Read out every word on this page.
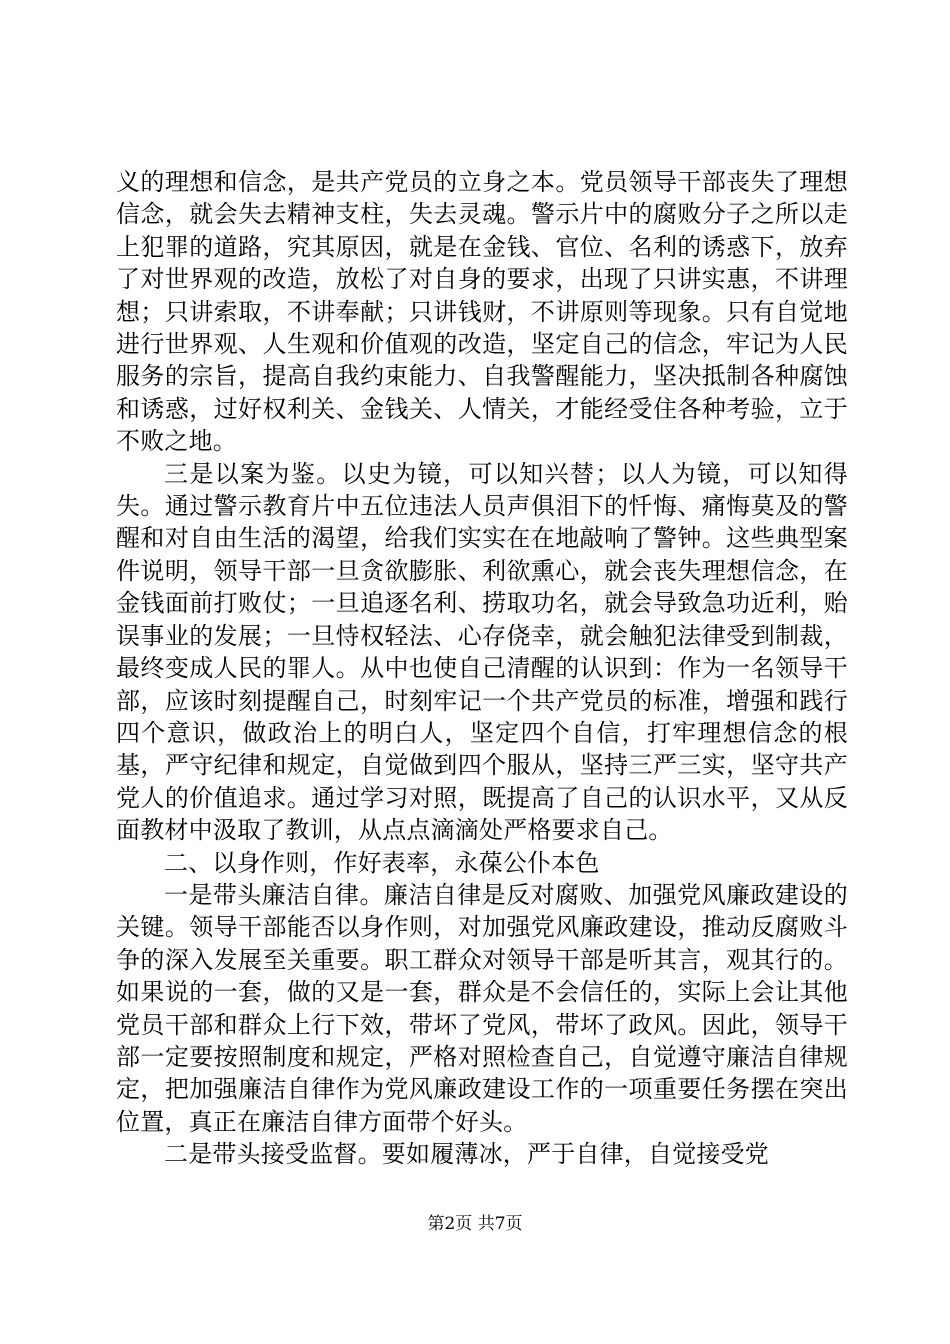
义的理想和信念，是共产党员的立身之本。党员领导干部丧失了理想信念，就会失去精神支柱，失去灵魂。警示片中的腐败分子之所以走上犯罪的道路，究其原因，就是在金钱、官位、名利的诱惑下，放弃了对世界观的改造，放松了对自身的要求，出现了只讲实惠，不讲理想；只讲索取，不讲奉献；只讲钱财，不讲原则等现象。只有自觉地进行世界观、人生观和价值观的改造，坚定自己的信念，牢记为人民服务的宗旨，提高自我约束能力、自我警醒能力，坚决抵制各种腐蚀和诱惑，过好权利关、金钱关、人情关，才能经受住各种考验，立于不败之地。

三是以案为鉴。以史为镜，可以知兴替；以人为镜，可以知得失。通过警示教育片中五位违法人员声俱泪下的忏悔、痛悔莫及的警醒和对自由生活的渴望，给我们实实在在地敲响了警钟。这些典型案件说明，领导干部一旦贪欲膨胀、利欲熏心，就会丧失理想信念，在金钱面前打败仗；一旦追逐名利、捞取功名，就会导致急功近利，贻误事业的发展；一旦恃权轻法、心存侥幸，就会触犯法律受到制裁，最终变成人民的罪人。从中也使自己清醒的认识到：作为一名领导干部，应该时刻提醒自己，时刻牢记一个共产党员的标准，增强和践行四个意识，做政治上的明白人，坚定四个自信，打牢理想信念的根基，严守纪律和规定，自觉做到四个服从，坚持三严三实，坚守共产党人的价值追求。通过学习对照，既提高了自己的认识水平，又从反面教材中汲取了教训，从点点滴滴处严格要求自己。

二、以身作则，作好表率，永葆公仆本色

一是带头廉洁自律。廉洁自律是反对腐败、加强党风廉政建设的关键。领导干部能否以身作则，对加强党风廉政建设，推动反腐败斗争的深入发展至关重要。职工群众对领导干部是听其言，观其行的。如果说的一套，做的又是一套，群众是不会信任的，实际上会让其他党员干部和群众上行下效，带坏了党风，带坏了政风。因此，领导干部一定要按照制度和规定，严格对照检查自己，自觉遵守廉洁自律规定，把加强廉洁自律作为党风廉政建设工作的一项重要任务摆在突出位置，真正在廉洁自律方面带个好头。

二是带头接受监督。要如履薄冰，严于自律，自觉接受党

第2页 共7页
